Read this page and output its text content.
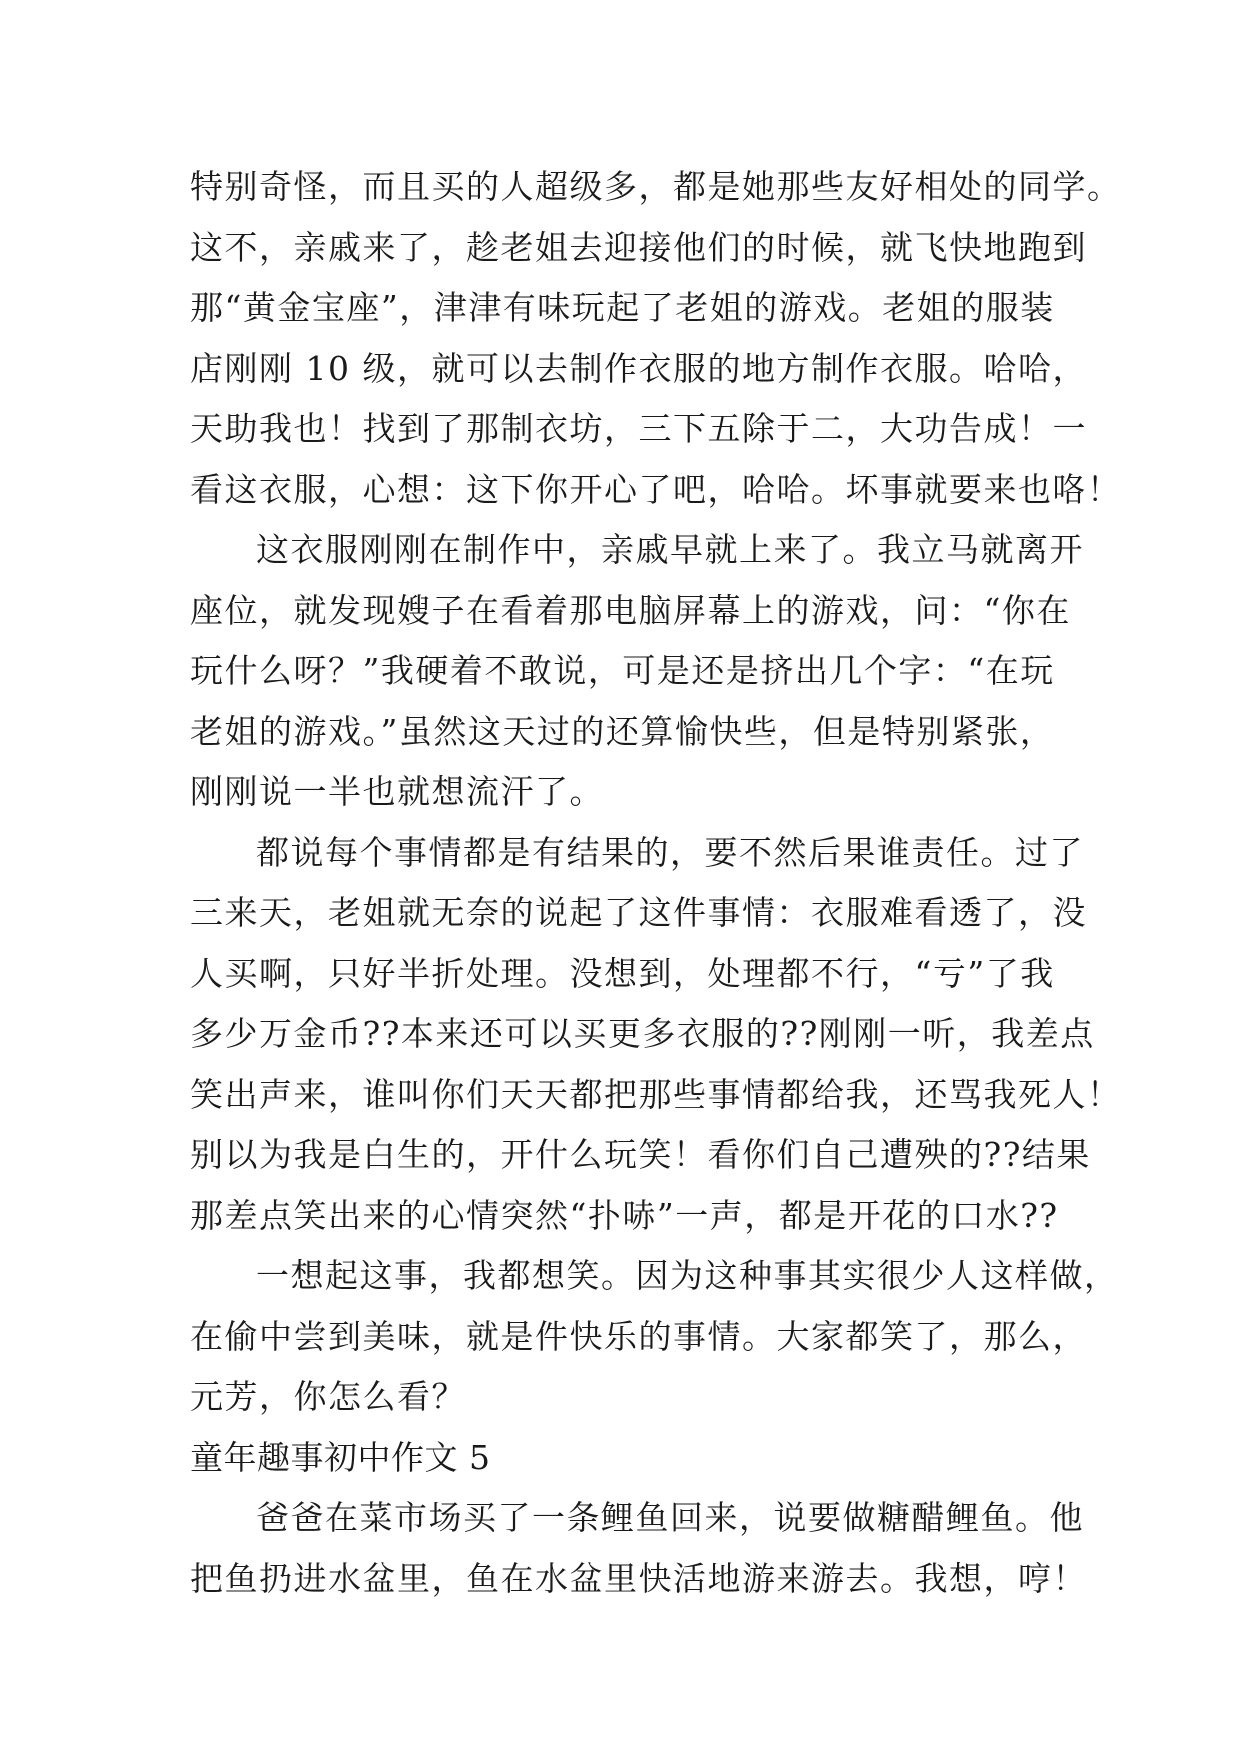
特别奇怪，而且买的人超级多，都是她那些友好相处的同学。
这不，亲戚来了，趁老姐去迎接他们的时候，就飞快地跑到
那“黄金宝座”，津津有味玩起了老姐的游戏。老姐的服装
店刚刚 10 级，就可以去制作衣服的地方制作衣服。哈哈，
天助我也！找到了那制衣坊，三下五除于二，大功告成！一
看这衣服，心想：这下你开心了吧，哈哈。坏事就要来也咯！
这衣服刚刚在制作中，亲戚早就上来了。我立马就离开
座位，就发现嫂子在看着那电脑屏幕上的游戏，问：“你在
玩什么呀？”我硬着不敢说，可是还是挤出几个字：“在玩
老姐的游戏。”虽然这天过的还算愉快些，但是特别紧张，
刚刚说一半也就想流汗了。
都说每个事情都是有结果的，要不然后果谁责任。过了
三来天，老姐就无奈的说起了这件事情：衣服难看透了，没
人买啊，只好半折处理。没想到，处理都不行，“亏”了我
多少万金币??本来还可以买更多衣服的??刚刚一听，我差点
笑出声来，谁叫你们天天都把那些事情都给我，还骂我死人！
别以为我是白生的，开什么玩笑！看你们自己遭殃的??结果
那差点笑出来的心情突然“扑哧”一声，都是开花的口水??
一想起这事，我都想笑。因为这种事其实很少人这样做，
在偷中尝到美味，就是件快乐的事情。大家都笑了，那么，
元芳，你怎么看？
童年趣事初中作文 5
爸爸在菜市场买了一条鲤鱼回来，说要做糖醋鲤鱼。他
把鱼扔进水盆里，鱼在水盆里快活地游来游去。我想，哼！
